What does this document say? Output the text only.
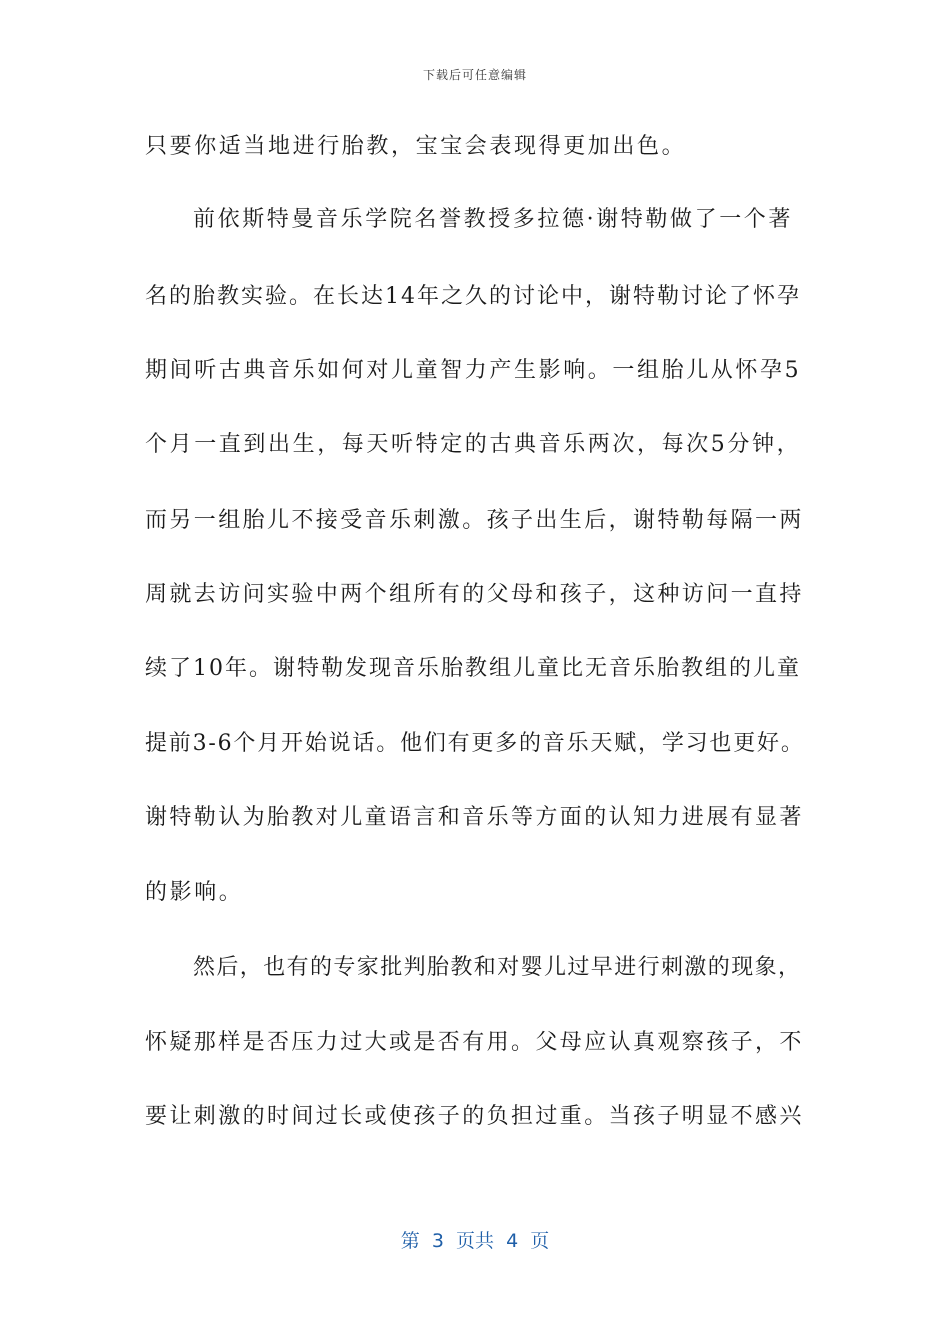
下载后可任意编辑
只要你适当地进行胎教，宝宝会表现得更加出色。
前依斯特曼音乐学院名誉教授多拉德·谢特勒做了一个著
名的胎教实验。在长达14年之久的讨论中，谢特勒讨论了怀孕
期间听古典音乐如何对儿童智力产生影响。一组胎儿从怀孕5
个月一直到出生，每天听特定的古典音乐两次，每次5分钟，
而另一组胎儿不接受音乐刺激。孩子出生后，谢特勒每隔一两
周就去访问实验中两个组所有的父母和孩子，这种访问一直持
续了10年。谢特勒发现音乐胎教组儿童比无音乐胎教组的儿童
提前3-6个月开始说话。他们有更多的音乐天赋，学习也更好。
谢特勒认为胎教对儿童语言和音乐等方面的认知力进展有显著
的影响。
然后，也有的专家批判胎教和对婴儿过早进行刺激的现象，
怀疑那样是否压力过大或是否有用。父母应认真观察孩子，不
要让刺激的时间过长或使孩子的负担过重。当孩子明显不感兴
第  3  页共  4  页
